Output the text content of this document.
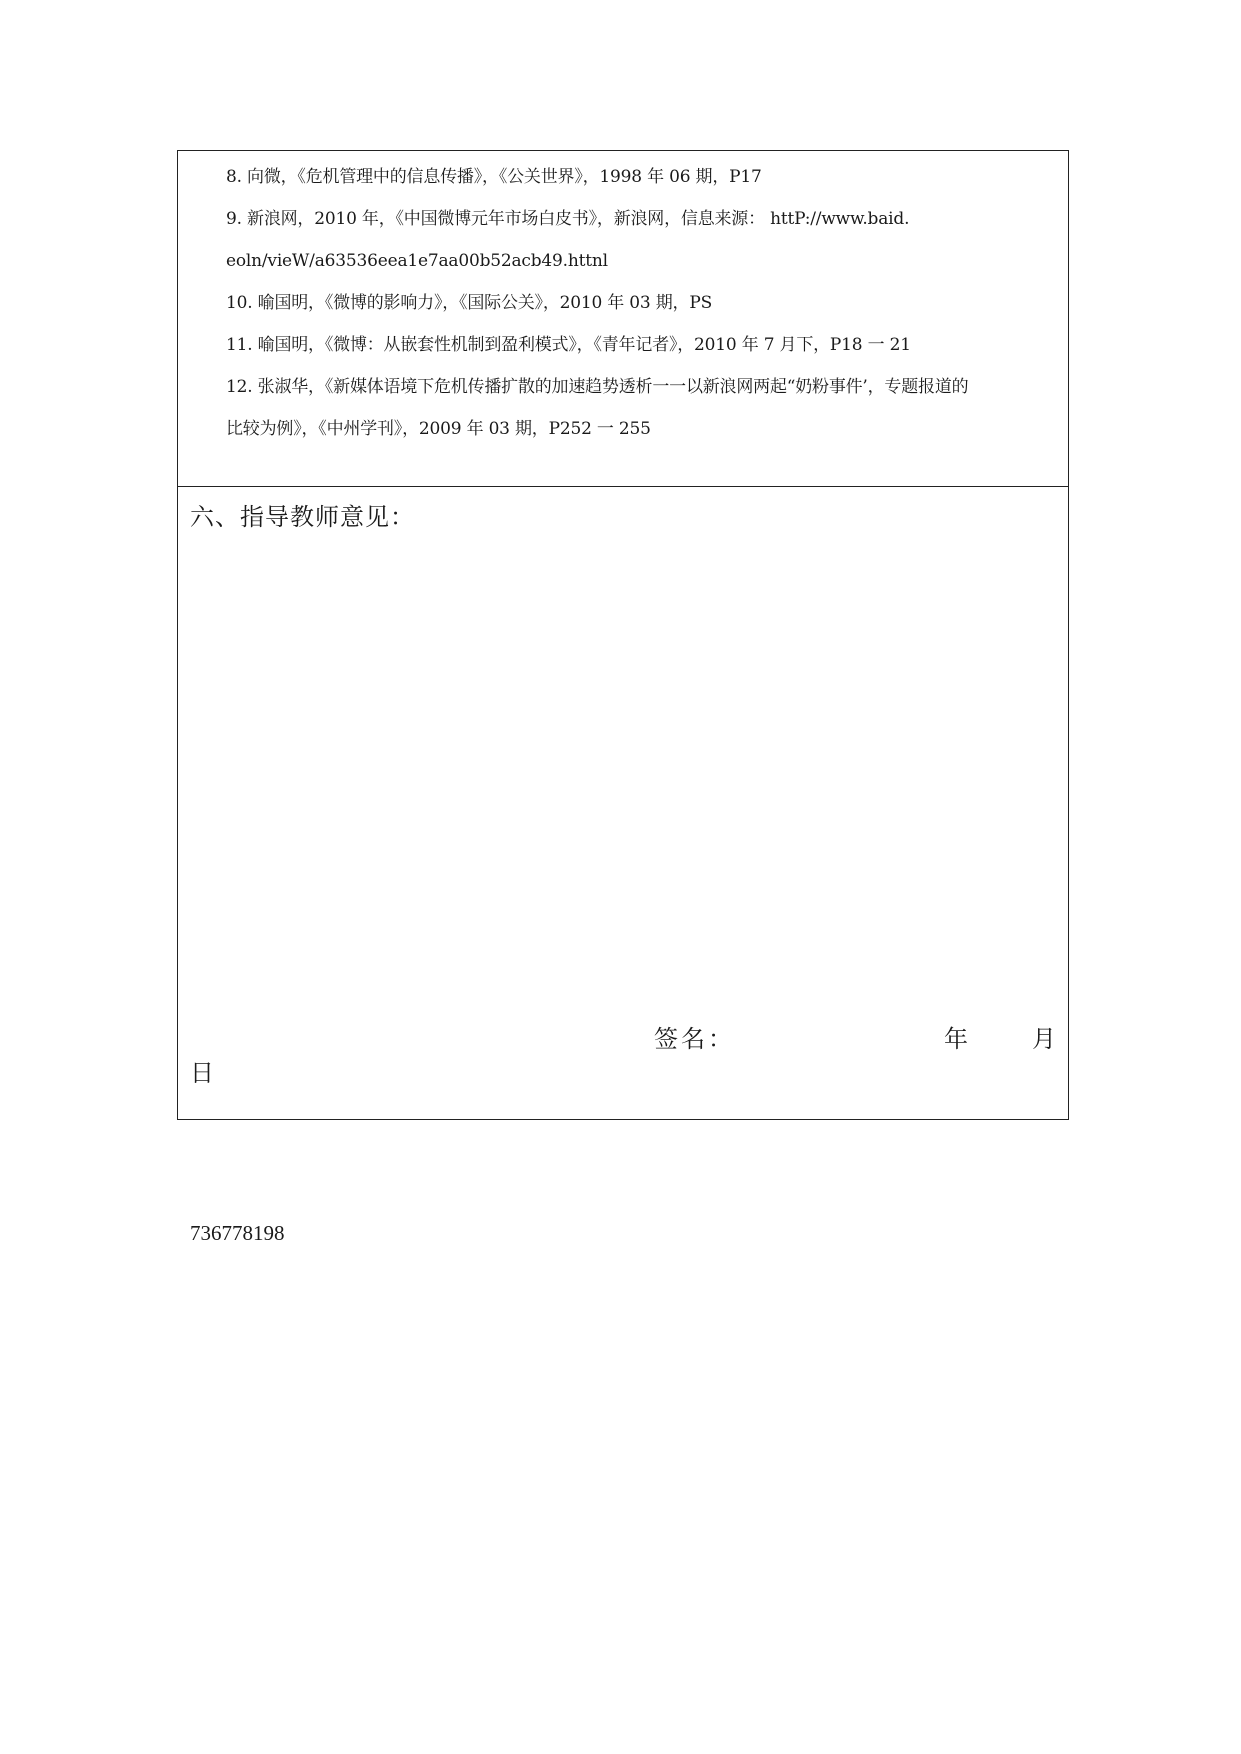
8. 向微，《危机管理中的信息传播》，《公关世界》，1998 年 06 期，P17
9. 新浪网，2010 年，《中国微博元年市场白皮书》，新浪网，信息来源： httP://www.baid.
eoln/vieW/a63536eea1e7aa00b52acb49.httnl
10. 喻国明，《微博的影响力》，《国际公关》，2010 年 03 期，PS
11. 喻国明，《微博：从嵌套性机制到盈利模式》，《青年记者》，2010 年 7 月下，P18 一 21
12. 张淑华，《新媒体语境下危机传播扩散的加速趋势透析一一以新浪网两起“奶粉事件’，专题报道的
比较为例》，《中州学刊》，2009 年 03 期，P252 一 255
六、指导教师意见：
签名：	年	月
日
736778198
